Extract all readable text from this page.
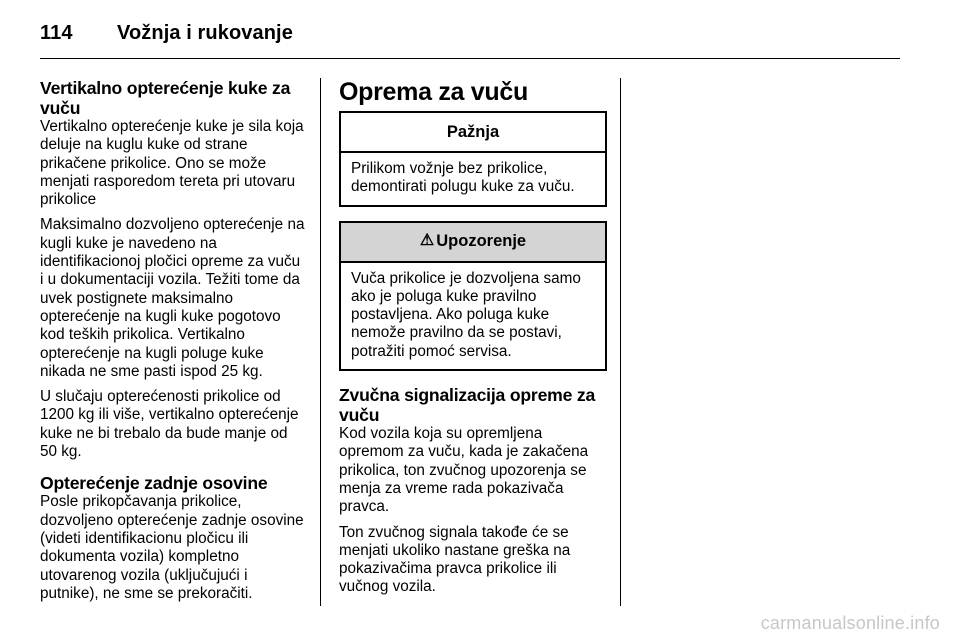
114 Vožnja i rukovanje
Vertikalno opterećenje kuke za vuču

Vertikalno opterećenje kuke je sila koja deluje na kuglu kuke od strane prikačene prikolice. Ono se može menjati rasporedom tereta pri utovaru prikolice

Maksimalno dozvoljeno opterećenje na kugli kuke je navedeno na identifikacionoj pločici opreme za vuču i u dokumentaciji vozila. Težiti tome da uvek postignete maksimalno opterećenje na kugli kuke pogotovo kod teških prikolica. Vertikalno opterećenje na kugli poluge kuke nikada ne sme pasti ispod 25 kg.

U slučaju opterećenosti prikolice od 1200 kg ili više, vertikalno opterećenje kuke ne bi trebalo da bude manje od 50 kg.

Opterećenje zadnje osovine

Posle prikopčavanja prikolice, dozvoljeno opterećenje zadnje osovine (videti identifikacionu pločicu ili dokumenta vozila) kompletno utovarenog vozila (uključujući i putnike), ne sme se prekoračiti.

Oprema za vuču
Pažnja
Prilikom vožnje bez prikolice, demontirati polugu kuke za vuču.
⚠ Upozorenje
Vuča prikolice je dozvoljena samo ako je poluga kuke pravilno postavljena. Ako poluga kuke nemože pravilno da se postavi, potražiti pomoć servisa.
Zvučna signalizacija opreme za vuču

Kod vozila koja su opremljena opremom za vuču, kada je zakačena prikolica, ton zvučnog upozorenja se menja za vreme rada pokazivača pravca.

Ton zvučnog signala takođe će se menjati ukoliko nastane greška na pokazivačima pravca prikolice ili vučnog vozila.

carmanualsonline.info
